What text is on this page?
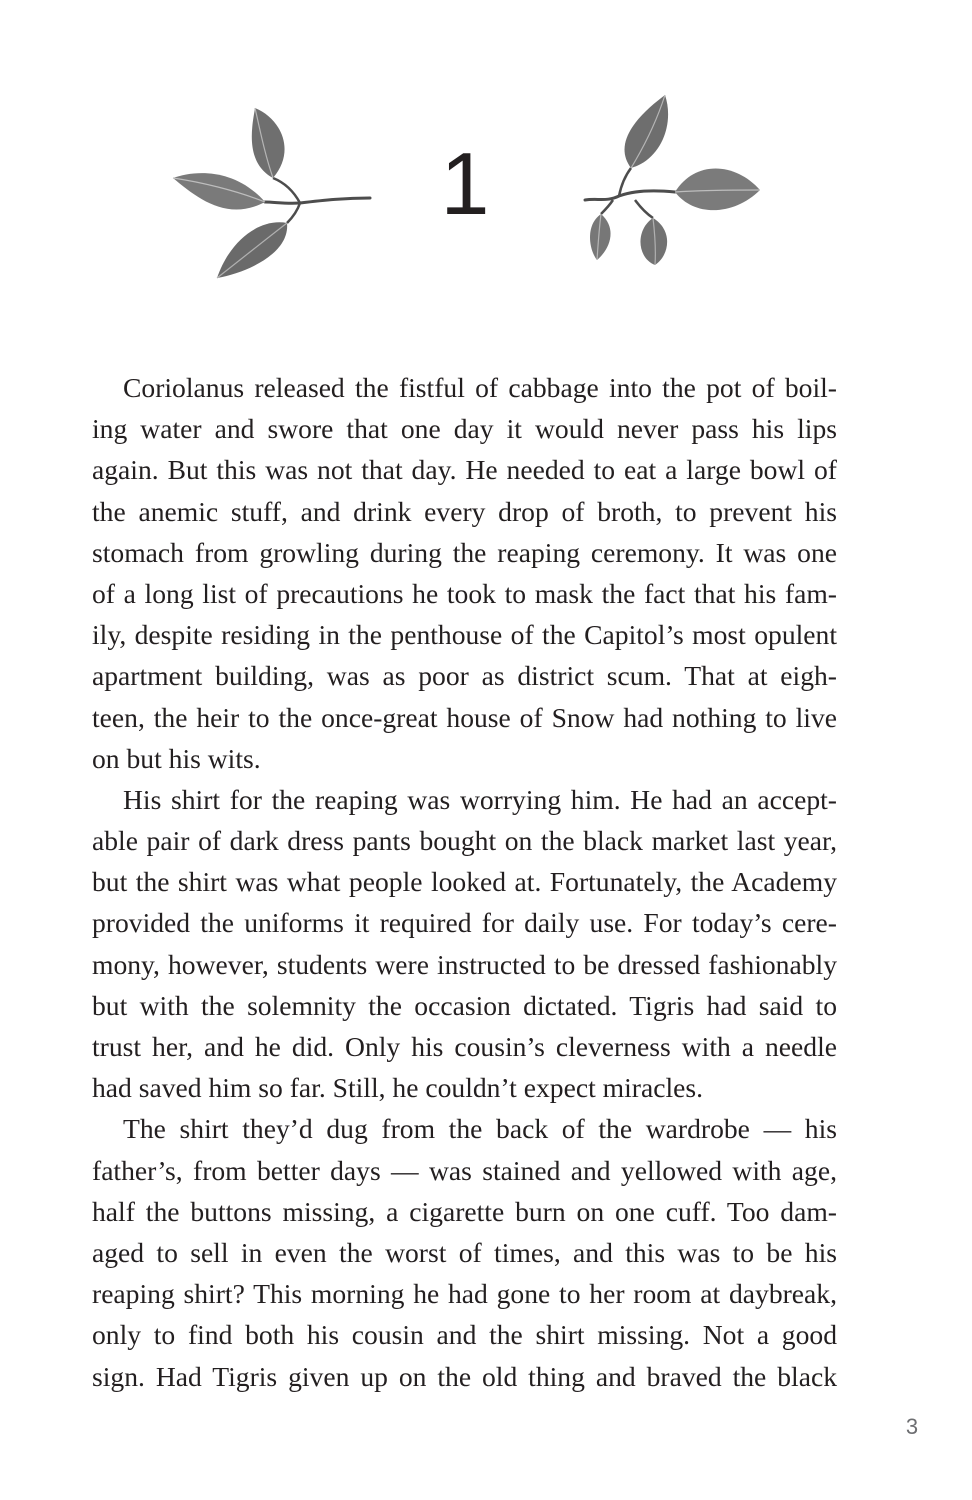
1
Coriolanus released the fistful of cabbage into the pot of boil-
ing water and swore that one day it would never pass his lips
again. But this was not that day. He needed to eat a large bowl of
the anemic stuff, and drink every drop of broth, to prevent his
stomach from growling during the reaping ceremony. It was one
of a long list of precautions he took to mask the fact that his fam-
ily, despite residing in the penthouse of the Capitol’s most opulent
apartment building, was as poor as district scum. That at eigh-
teen, the heir to the once-great house of Snow had nothing to live
on but his wits.
His shirt for the reaping was worrying him. He had an accept-
able pair of dark dress pants bought on the black market last year,
but the shirt was what people looked at. Fortunately, the Academy
provided the uniforms it required for daily use. For today’s cere-
mony, however, students were instructed to be dressed fashionably
but with the solemnity the occasion dictated. Tigris had said to
trust her, and he did. Only his cousin’s cleverness with a needle
had saved him so far. Still, he couldn’t expect miracles.
The shirt they’d dug from the back of the wardrobe — his
father’s, from better days — was stained and yellowed with age,
half the buttons missing, a cigarette burn on one cuff. Too dam-
aged to sell in even the worst of times, and this was to be his
reaping shirt? This morning he had gone to her room at daybreak,
only to find both his cousin and the shirt missing. Not a good
sign. Had Tigris given up on the old thing and braved the black
3
